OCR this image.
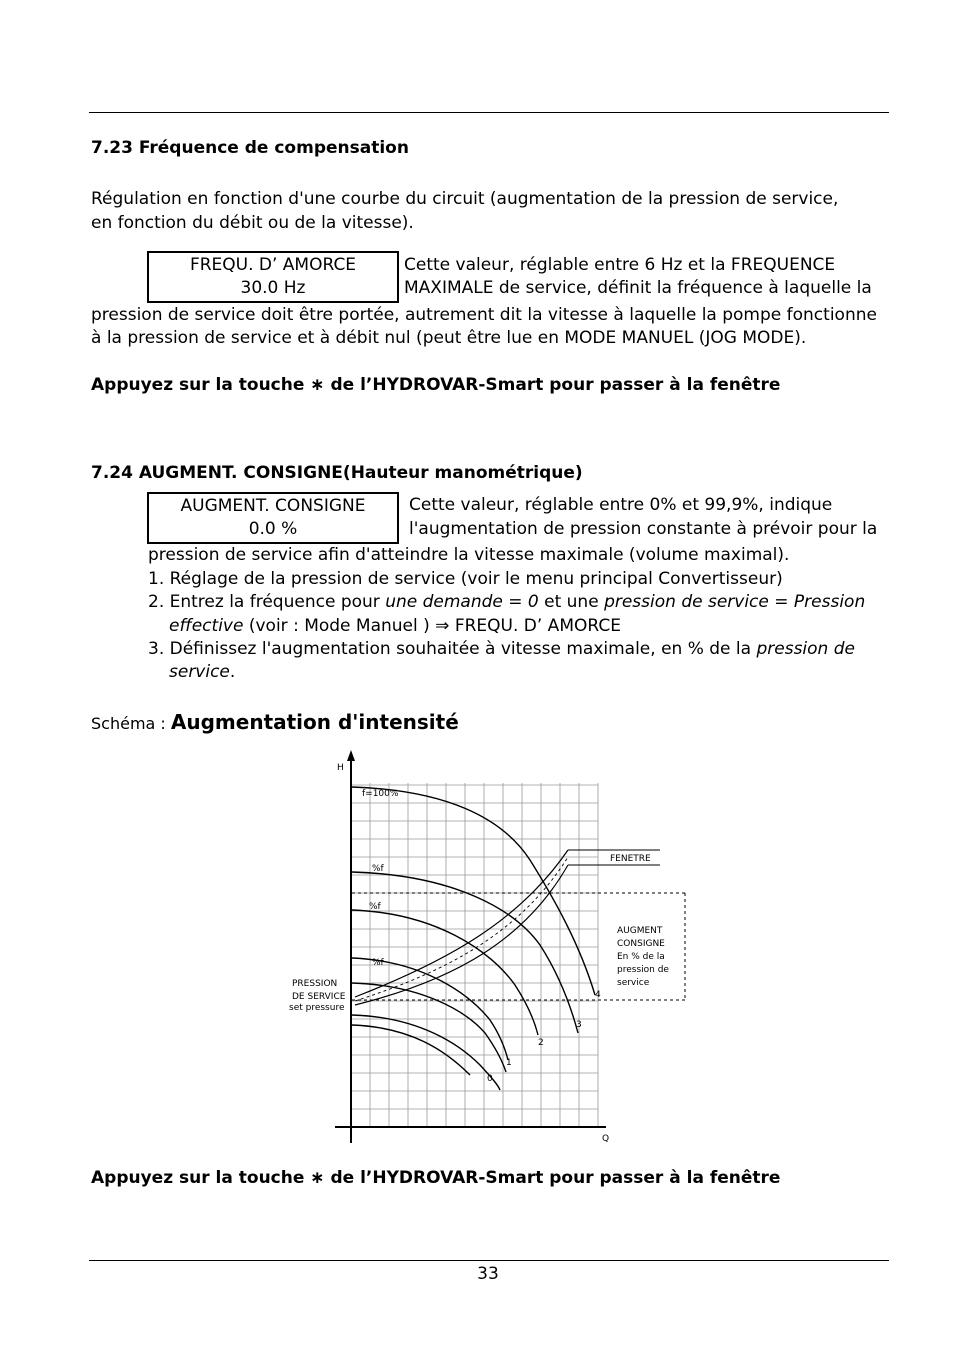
7.23 Fréquence de compensation
Régulation en fonction d'une courbe du circuit (augmentation de la pression de service,
en fonction du débit ou de la vitesse).
FREQU. D’ AMORCE
30.0 Hz
Cette valeur, réglable entre 6 Hz et la FREQUENCE
MAXIMALE de service, définit la fréquence à laquelle la
pression de service doit être portée, autrement dit la vitesse à laquelle la pompe fonctionne
à la pression de service et à débit nul (peut être lue en MODE MANUEL (JOG MODE).
Appuyez sur la touche ∗ de l’HYDROVAR-Smart pour passer à la fenêtre
7.24 AUGMENT. CONSIGNE(Hauteur manométrique)
AUGMENT. CONSIGNE
0.0 %
Cette valeur, réglable entre 0% et 99,9%, indique
l'augmentation de pression constante à prévoir pour la
pression de service afin d'atteindre la vitesse maximale (volume maximal).
1. Réglage de la pression de service (voir le menu principal Convertisseur)
2. Entrez la fréquence pour une demande = 0 et une pression de service = Pression
effective (voir : Mode Manuel ) ⇒ FREQU. D’ AMORCE
3. Définissez l'augmentation souhaitée à vitesse maximale, en % de la pression de
service.
Schéma : Augmentation d'intensité
H
Q
f=100%
%f
%f
%f
FENETRE
AUGMENT
CONSIGNE
En % de la
pression de
service
PRESSION
DE SERVICE
set pressure
0
1
2
3
4
Appuyez sur la touche ∗ de l’HYDROVAR-Smart pour passer à la fenêtre
33
